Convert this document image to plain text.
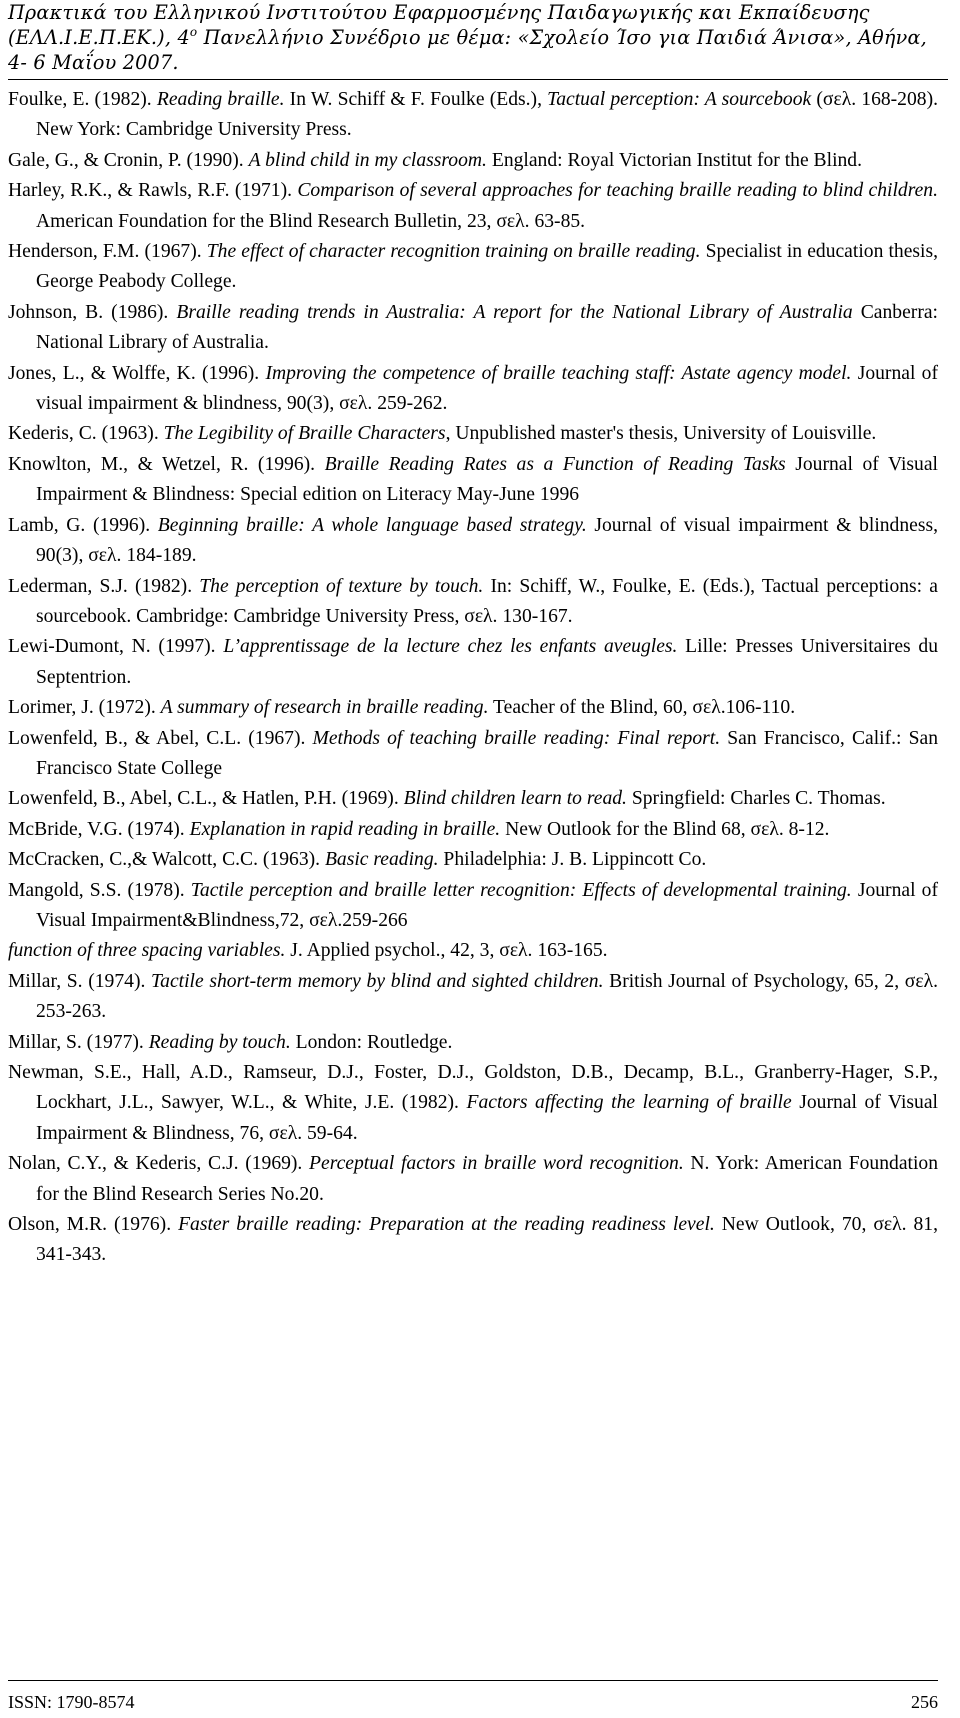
Πρακτικά του Ελληνικού Ινστιτούτου Εφαρμοσμένης Παιδαγωγικής και Εκπαίδευσης
(ΕΛΛ.Ι.Ε.Π.ΕΚ.), $4^o$ Πανελλήνιο Συνέδριο με θέμα: «Σχολείο Ίσο για Παιδιά Άνισα», Αθήνα,
4- 6 Μαΐου 2007.

Foulke, E. (1982). Reading braille. In W. Schiff & F. Foulke (Eds.), Tactual perception: A sourcebook (σελ. 168-208). New York: Cambridge University Press.

Gale, G., & Cronin, P. (1990). A blind child in my classroom. England: Royal Victorian Institut for the Blind.

Harley, R.K., & Rawls, R.F. (1971). Comparison of several approaches for teaching braille reading to blind children. American Foundation for the Blind Research Bulletin, 23, σελ. 63-85.

Henderson, F.M. (1967). The effect of character recognition training on braille reading. Specialist in education thesis, George Peabody College.

Johnson, B. (1986). Braille reading trends in Australia: A report for the National Library of Australia Canberra: National Library of Australia.

Jones, L., & Wolffe, K. (1996). Improving the competence of braille teaching staff: Astate agency model. Journal of visual impairment & blindness, 90(3), σελ. 259-262.

Kederis, C. (1963). The Legibility of Braille Characters, Unpublished master's thesis, University of Louisville.

Knowlton, M., & Wetzel, R. (1996). Braille Reading Rates as a Function of Reading Tasks Journal of Visual Impairment & Blindness: Special edition on Literacy May-June 1996

Lamb, G. (1996). Beginning braille: A whole language based strategy. Journal of visual impairment & blindness, 90(3), σελ. 184-189.

Lederman, S.J. (1982). The perception of texture by touch. In: Schiff, W., Foulke, E. (Eds.), Tactual perceptions: a sourcebook. Cambridge: Cambridge University Press, σελ. 130-167.

Lewi-Dumont, N. (1997). L’apprentissage de la lecture chez les enfants aveugles. Lille: Presses Universitaires du Septentrion.

Lorimer, J. (1972). A summary of research in braille reading. Teacher of the Blind, 60, σελ.106-110.

Lowenfeld, B., & Abel, C.L. (1967). Methods of teaching braille reading: Final report. San Francisco, Calif.: San Francisco State College

Lowenfeld, B., Abel, C.L., & Hatlen, P.H. (1969). Blind children learn to read. Springfield: Charles C. Thomas.

McBride, V.G. (1974). Explanation in rapid reading in braille. New Outlook for the Blind 68, σελ. 8-12.

McCracken, C.,& Walcott, C.C. (1963). Basic reading. Philadelphia: J. B. Lippincott Co.

Mangold, S.S. (1978). Tactile perception and braille letter recognition: Effects of developmental training. Journal of Visual Impairment&Blindness,72, σελ.259-266

function of three spacing variables. J. Applied psychol., 42, 3, σελ. 163-165.

Millar, S. (1974). Tactile short-term memory by blind and sighted children. British Journal of Psychology, 65, 2, σελ. 253-263.

Millar, S. (1977). Reading by touch. London: Routledge.

Newman, S.E., Hall, A.D., Ramseur, D.J., Foster, D.J., Goldston, D.B., Decamp, B.L., Granberry-Hager, S.P., Lockhart, J.L., Sawyer, W.L., & White, J.E. (1982). Factors affecting the learning of braille Journal of Visual Impairment & Blindness, 76, σελ. 59-64.

Nolan, C.Y., & Kederis, C.J. (1969). Perceptual factors in braille word recognition. N. York: American Foundation for the Blind Research Series No.20.

Olson, M.R. (1976). Faster braille reading: Preparation at the reading readiness level. New Outlook, 70, σελ. 81, 341-343.

ISSN: 1790-8574	256
